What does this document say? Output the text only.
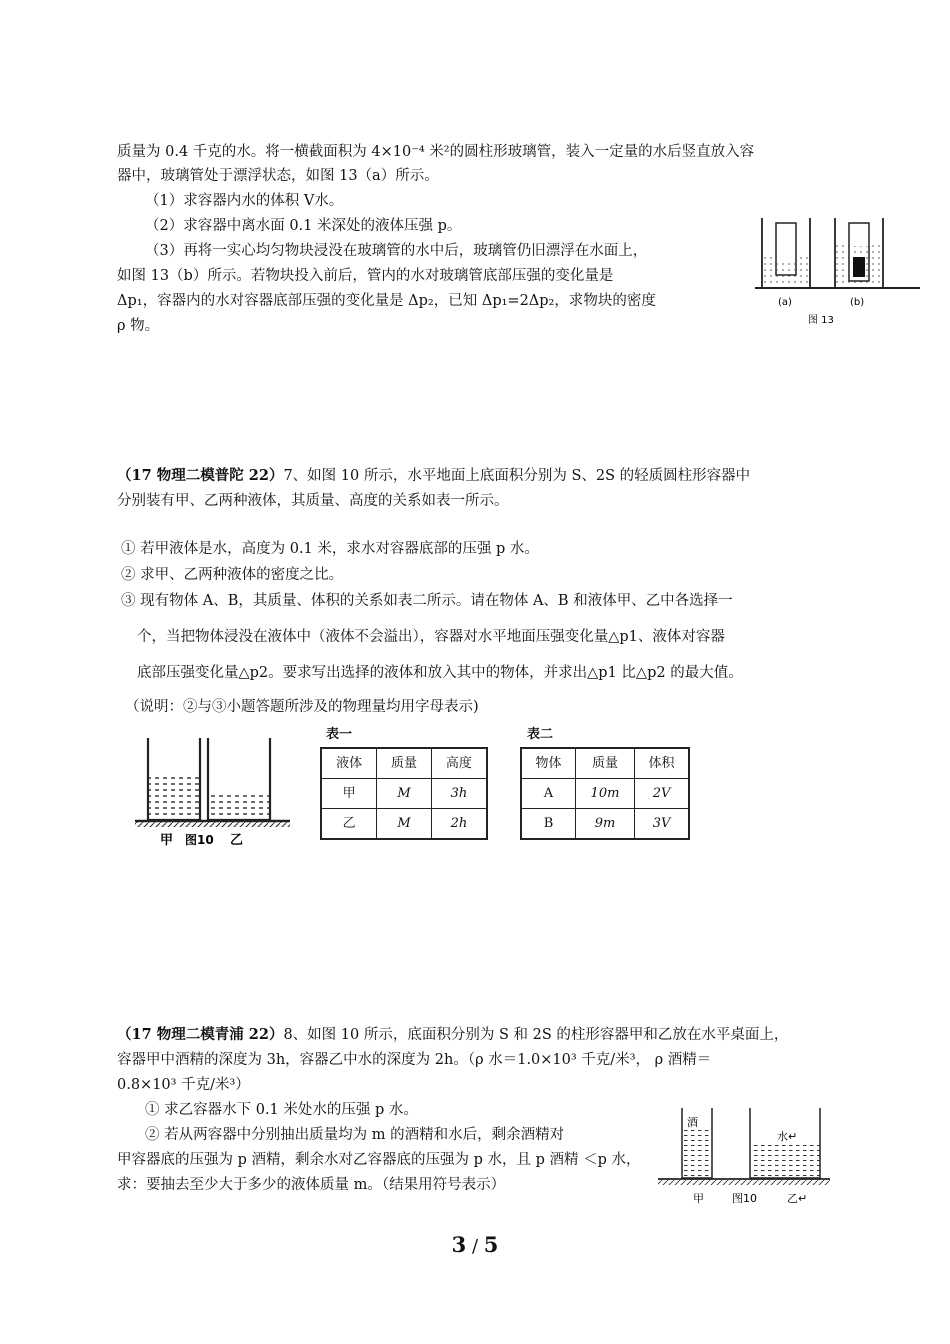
质量为 0.4 千克的水。将一横截面积为 4×10⁻⁴ 米²的圆柱形玻璃管，装入一定量的水后竖直放入容
器中，玻璃管处于漂浮状态，如图 13（a）所示。
（1）求容器内水的体积 V水。
（2）求容器中离水面 0.1 米深处的液体压强 p。
（3）再将一实心均匀物块浸没在玻璃管的水中后，玻璃管仍旧漂浮在水面上，
如图 13（b）所示。若物块投入前后，管内的水对玻璃管底部压强的变化量是
Δp₁，容器内的水对容器底部压强的变化量是 Δp₂，已知 Δp₁=2Δp₂，求物块的密度
ρ 物。
(a)	(b)
图 13
（17 物理二模普陀 22）7、如图 10 所示，水平地面上底面积分别为 S、2S 的轻质圆柱形容器中
分别装有甲、乙两种液体，其质量、高度的关系如表一所示。
① 若甲液体是水，高度为 0.1 米，求水对容器底部的压强 p 水。
② 求甲、乙两种液体的密度之比。
③ 现有物体 A、B，其质量、体积的关系如表二所示。请在物体 A、B 和液体甲、乙中各选择一
个，当把物体浸没在液体中（液体不会溢出），容器对水平地面压强变化量△p1、液体对容器
底部压强变化量△p2。要求写出选择的液体和放入其中的物体，并求出△p1 比△p2 的最大值。
（说明：②与③小题答题所涉及的物理量均用字母表示)
甲 图10 乙
表一
液体	质量	高度
甲	M	3h
乙	M	2h
表二
物体	质量	体积
A	10m	2V
B	9m	3V
（17 物理二模青浦 22）8、如图 10 所示，底面积分别为 S 和 2S 的柱形容器甲和乙放在水平桌面上，
容器甲中酒精的深度为 3h，容器乙中水的深度为 2h。（ρ 水＝1.0×10³ 千克/米³， ρ 酒精＝
0.8×10³ 千克/米³）
① 求乙容器水下 0.1 米处水的压强 p 水。
② 若从两容器中分别抽出质量均为 m 的酒精和水后，剩余酒精对
甲容器底的压强为 p 酒精，剩余水对乙容器底的压强为 p 水，且 p 酒精 ＜p 水，
求：要抽去至少大于多少的液体质量 m。（结果用符号表示）
酒
水↵
甲	图10	乙↵
3 / 5
